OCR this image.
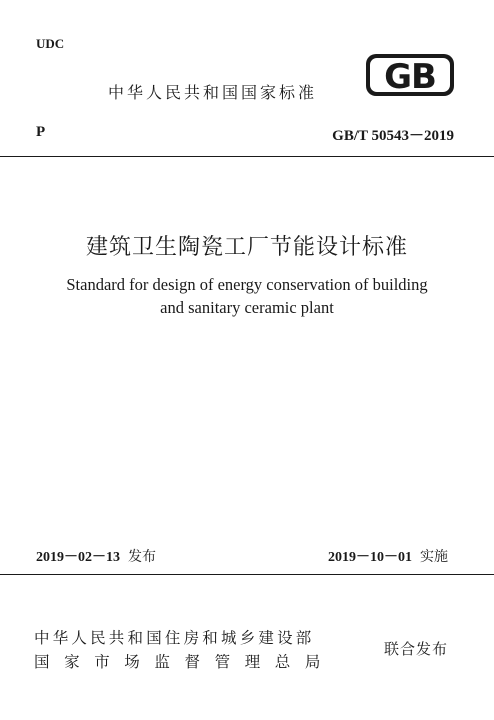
UDC
中华人民共和国国家标准 GB
P	GB/T 50543－2019
建筑卫生陶瓷工厂节能设计标准
Standard for design of energy conservation of building
and sanitary ceramic plant
2019－02－13 发布	2019－10－01 实施
中华人民共和国住房和城乡建设部
国家市场监督管理总局
联合发布
